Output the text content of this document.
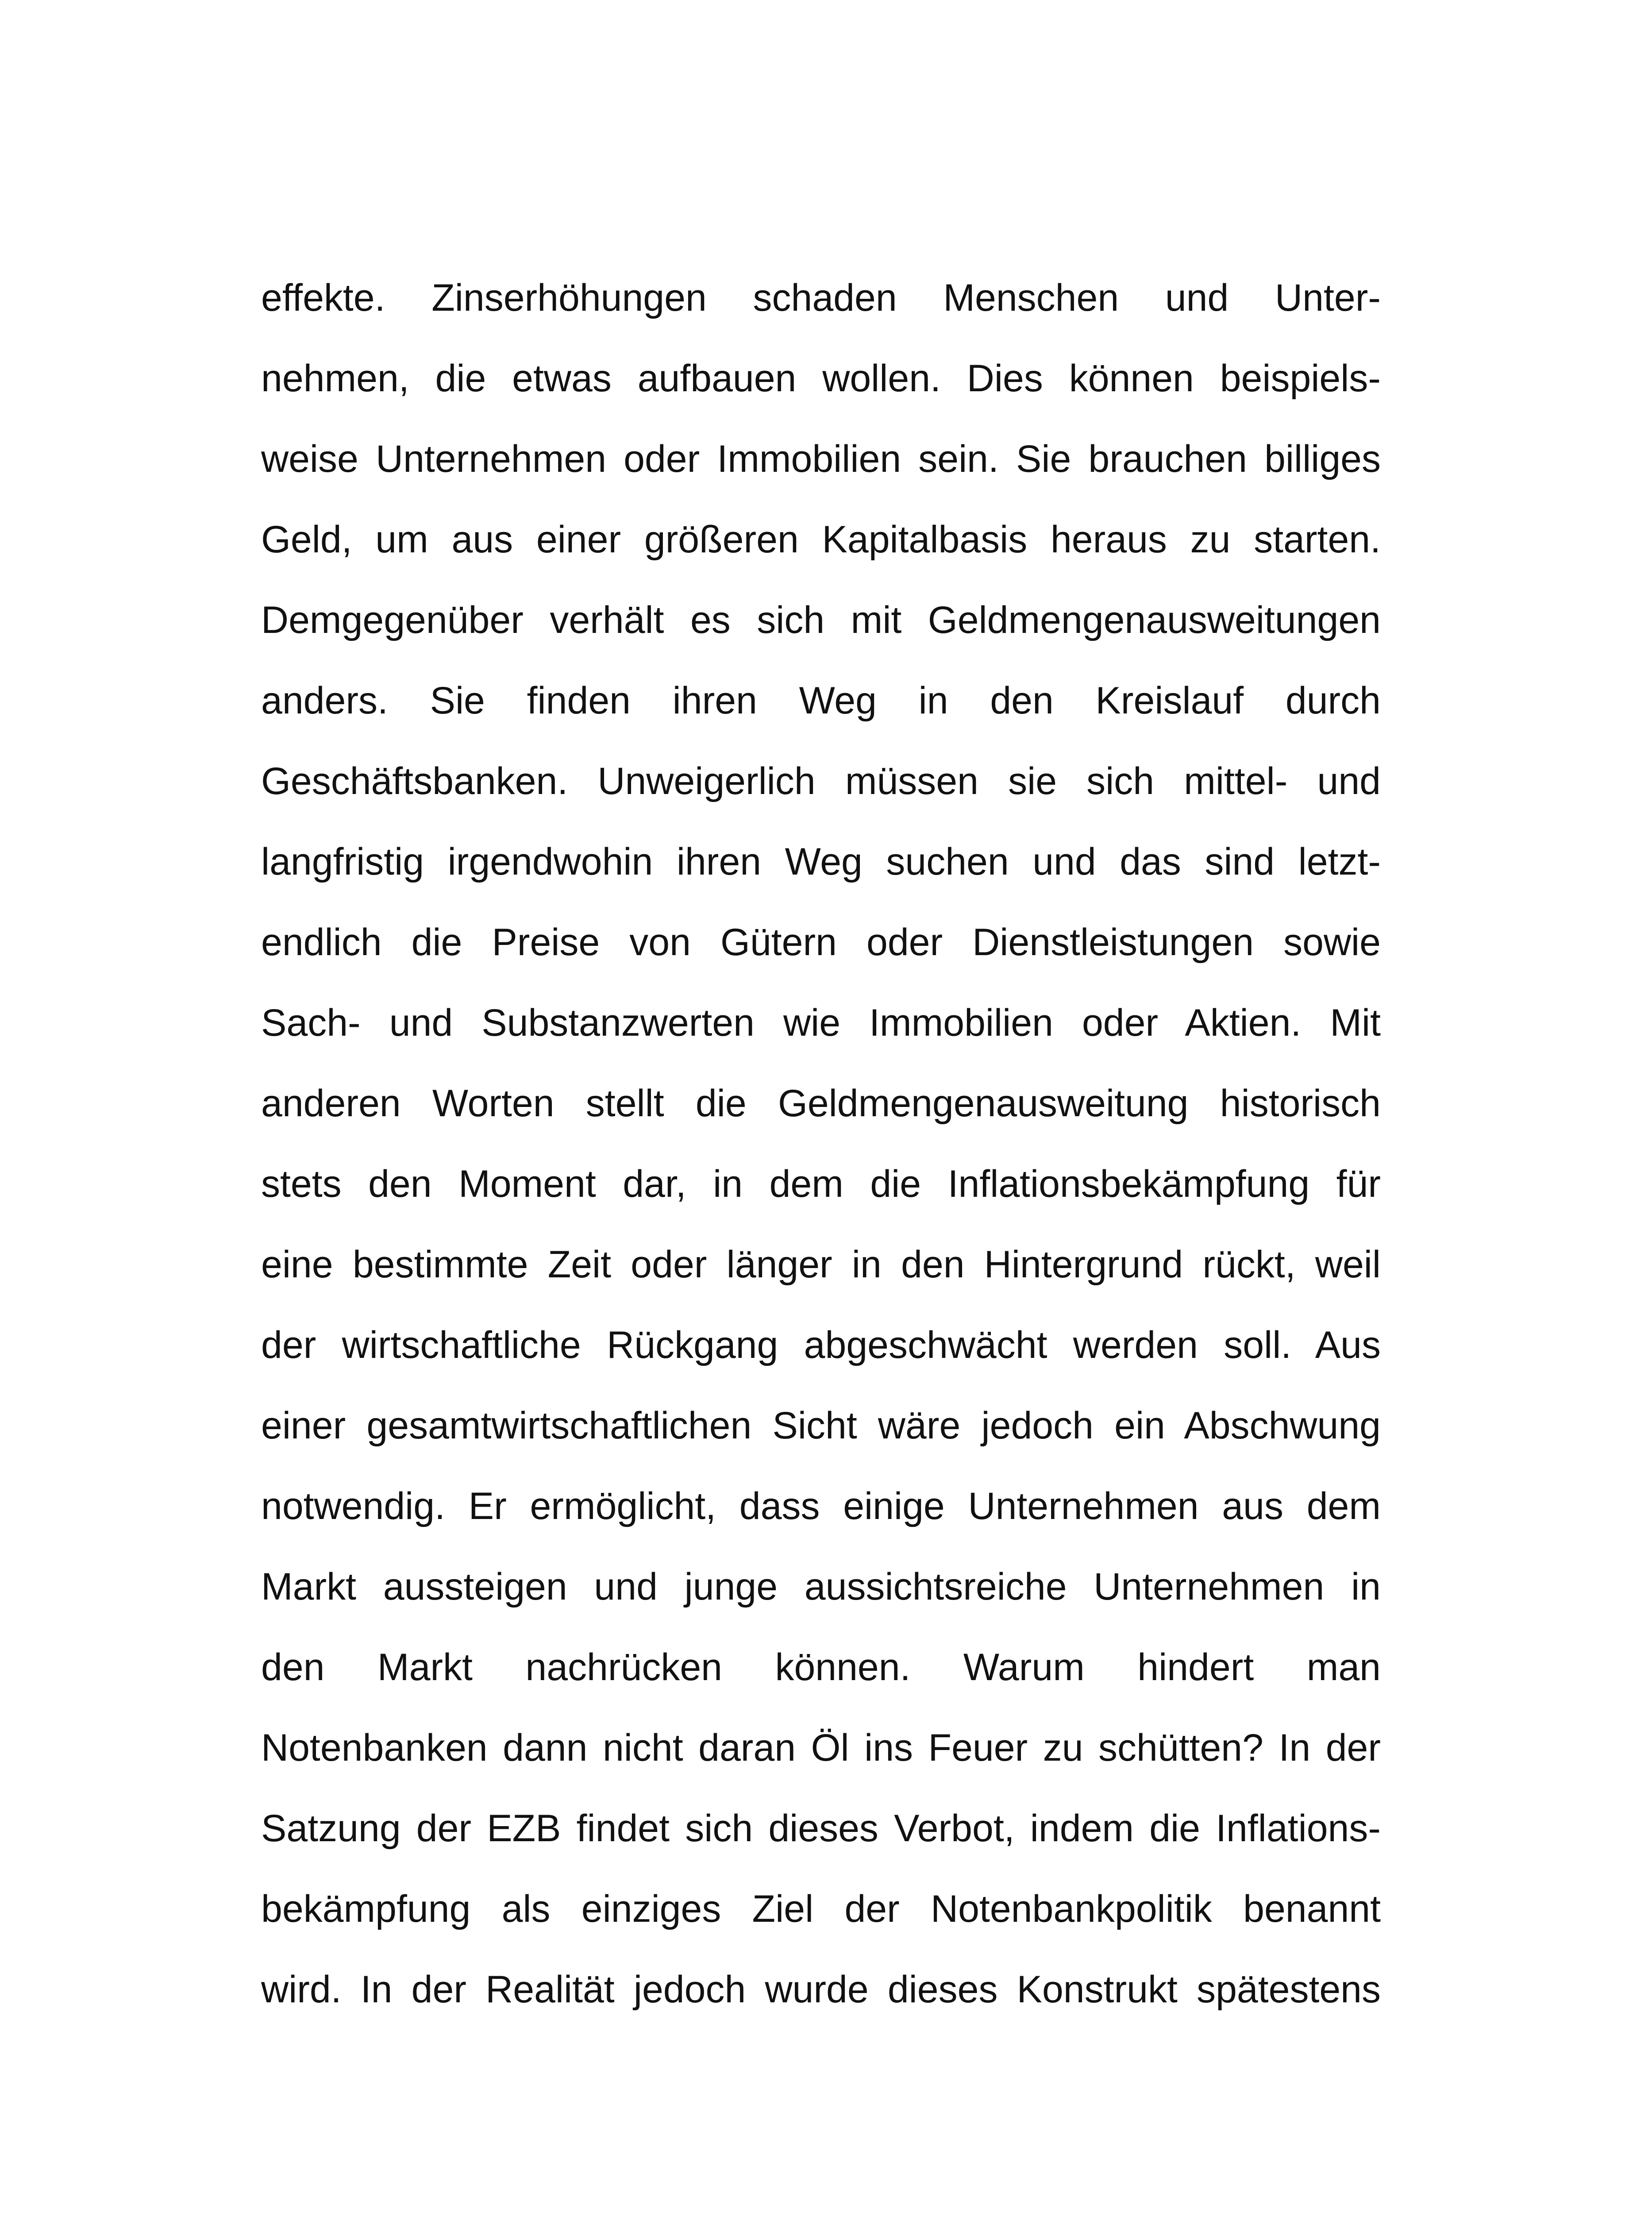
effekte. Zinserhöhungen schaden Menschen und Unter-
nehmen, die etwas aufbauen wollen. Dies können beispiels-
weise Unternehmen oder Immobilien sein. Sie brauchen billiges
Geld, um aus einer größeren Kapitalbasis heraus zu starten.
Demgegenüber verhält es sich mit Geldmengenausweitungen
anders. Sie finden ihren Weg in den Kreislauf durch
Geschäftsbanken. Unweigerlich müssen sie sich mittel- und
langfristig irgendwohin ihren Weg suchen und das sind letzt-
endlich die Preise von Gütern oder Dienstleistungen sowie
Sach- und Substanzwerten wie Immobilien oder Aktien. Mit
anderen Worten stellt die Geldmengenausweitung historisch
stets den Moment dar, in dem die Inflationsbekämpfung für
eine bestimmte Zeit oder länger in den Hintergrund rückt, weil
der wirtschaftliche Rückgang abgeschwächt werden soll. Aus
einer gesamtwirtschaftlichen Sicht wäre jedoch ein Abschwung
notwendig. Er ermöglicht, dass einige Unternehmen aus dem
Markt aussteigen und junge aussichtsreiche Unternehmen in
den Markt nachrücken können. Warum hindert man
Notenbanken dann nicht daran Öl ins Feuer zu schütten? In der
Satzung der EZB findet sich dieses Verbot, indem die Inflations-
bekämpfung als einziges Ziel der Notenbankpolitik benannt
wird. In der Realität jedoch wurde dieses Konstrukt spätestens
